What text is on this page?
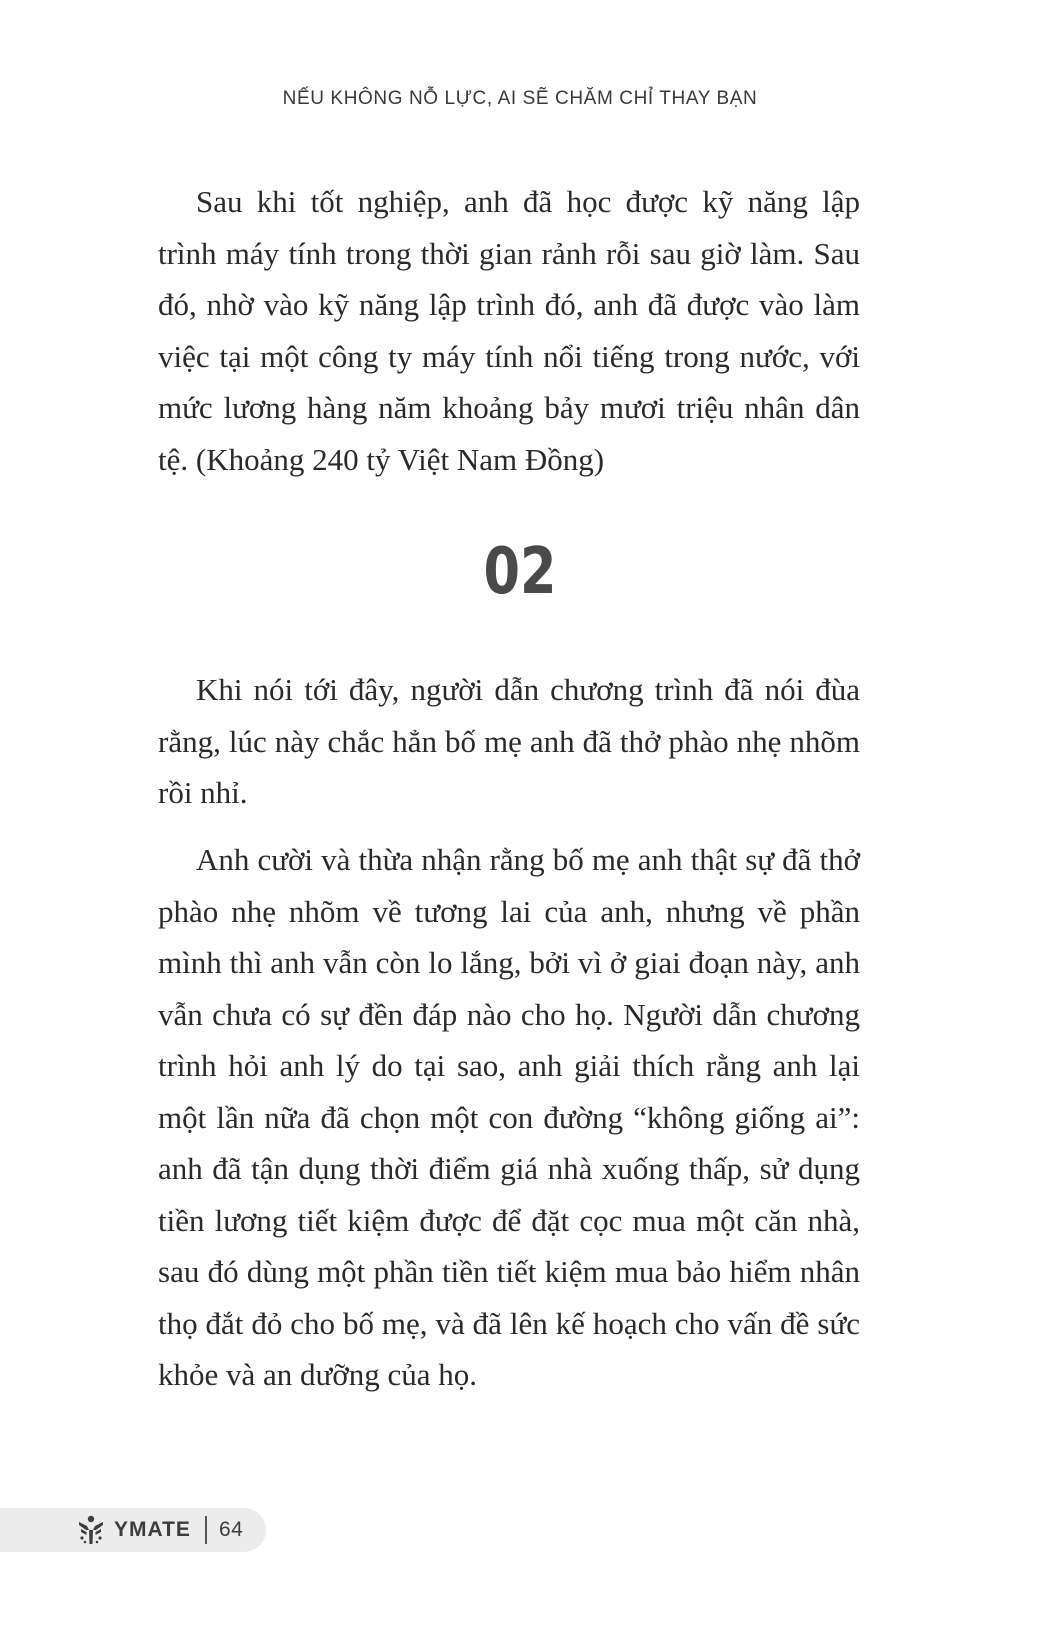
NẾU KHÔNG NỖ LỰC, AI SẼ CHĂM CHỈ THAY BẠN

Sau khi tốt nghiệp, anh đã học được kỹ năng lập trình máy tính trong thời gian rảnh rỗi sau giờ làm. Sau đó, nhờ vào kỹ năng lập trình đó, anh đã được vào làm việc tại một công ty máy tính nổi tiếng trong nước, với mức lương hàng năm khoảng bảy mươi triệu nhân dân tệ. (Khoảng 240 tỷ Việt Nam Đồng)

02

Khi nói tới đây, người dẫn chương trình đã nói đùa rằng, lúc này chắc hẳn bố mẹ anh đã thở phào nhẹ nhõm rồi nhỉ.

Anh cười và thừa nhận rằng bố mẹ anh thật sự đã thở phào nhẹ nhõm về tương lai của anh, nhưng về phần mình thì anh vẫn còn lo lắng, bởi vì ở giai đoạn này, anh vẫn chưa có sự đền đáp nào cho họ. Người dẫn chương trình hỏi anh lý do tại sao, anh giải thích rằng anh lại một lần nữa đã chọn một con đường “không giống ai”: anh đã tận dụng thời điểm giá nhà xuống thấp, sử dụng tiền lương tiết kiệm được để đặt cọc mua một căn nhà, sau đó dùng một phần tiền tiết kiệm mua bảo hiểm nhân thọ đắt đỏ cho bố mẹ, và đã lên kế hoạch cho vấn đề sức khỏe và an dưỡng của họ.

YMATE 64
